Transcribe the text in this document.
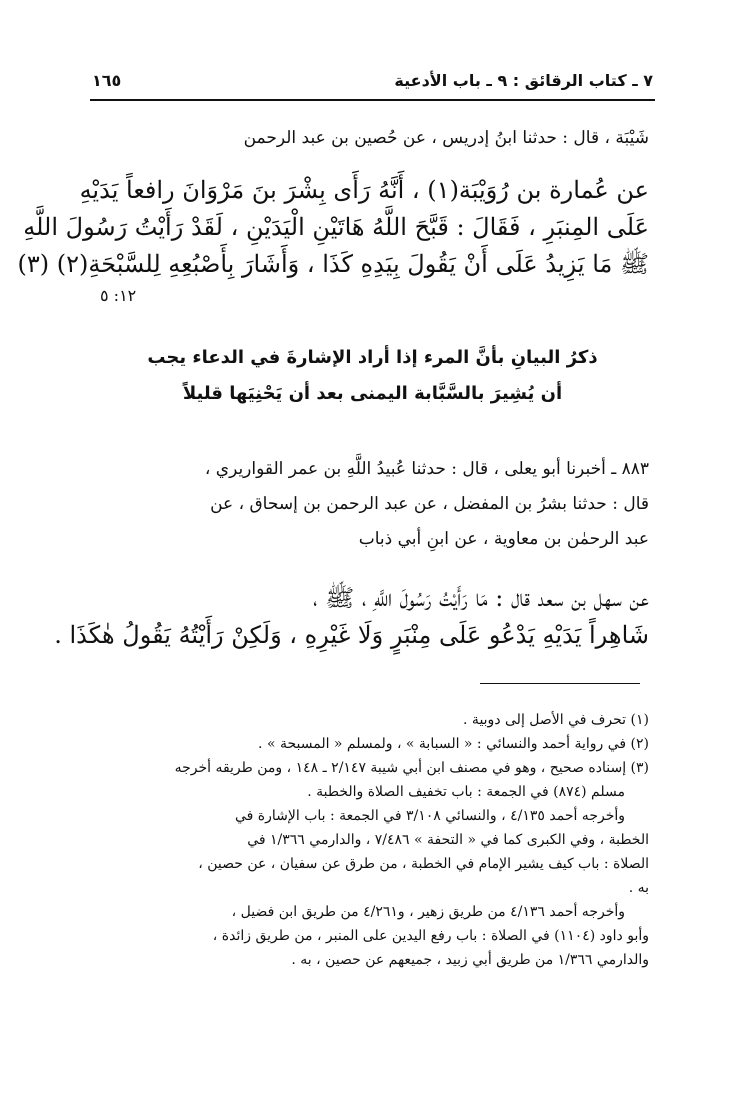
٧ ـ كتاب الرقائق : ٩ ـ باب الأدعية
١٦٥
شَيْبَة ، قال : حدثنا ابنُ إدريس ، عن حُصين بن عبد الرحمن
عن عُمارة بن رُوَيْبَة(١) ، أَنَّهُ رَأَى بِشْرَ بنَ مَرْوَانَ رافعاً يَدَيْهِ
عَلَى المِنبَرِ ، فَقَالَ : قَبَّحَ اللَّهُ هَاتَيْنِ الْيَدَيْنِ ، لَقَدْ رَأَيْتُ رَسُولَ اللَّهِ
ﷺ مَا يَزِيدُ عَلَى أَنْ يَقُولَ بِيَدِهِ كَذَا ، وَأَشَارَ بِأَصْبُعِهِ لِلسَّبْحَةِ(٢) (٣)
١٢: ٥
ذكرُ البيانِ بأنَّ المرء إذا أراد الإشارةَ في الدعاء يجب
أن يُشِيرَ بالسَّبَّابة اليمنى بعد أن يَحْنِيَها قليلاً
٨٨٣ ـ أخبرنا أبو يعلى ، قال : حدثنا عُبيدُ اللَّهِ بن عمر القواريري ،
قال : حدثنا بشرُ بن المفضل ، عن عبد الرحمن بن إسحاق ، عن
عبد الرحمٰن بن معاوية ، عن ابنِ أبي ذباب
عن سهل بن سعد قال : مَا رَأَيْتُ رَسُولَ اللَّهِ ، ﷺ ،
شَاهِراً يَدَيْهِ يَدْعُو عَلَى مِنْبَرٍ وَلَا غَيْرِهِ ، وَلَكِنْ رَأَيْتُهُ يَقُولُ هٰكَذَا .
(١) تحرف في الأصل إلى دوبية .
(٢) في رواية أحمد والنسائي : « السبابة » ، ولمسلم « المسبحة » .
(٣) إسناده صحيح ، وهو في مصنف ابن أبي شيبة ٢/١٤٧ ـ ١٤٨ ، ومن طريقه أخرجه
مسلم (٨٧٤) في الجمعة : باب تخفيف الصلاة والخطبة .
وأخرجه أحمد ٤/١٣٥ ، والنسائي ٣/١٠٨ في الجمعة : باب الإشارة في
الخطبة ، وفي الكبرى كما في « التحفة » ٧/٤٨٦ ، والدارمي ١/٣٦٦ في
الصلاة : باب كيف يشير الإمام في الخطبة ، من طرق عن سفيان ، عن حصين ،
به .
وأخرجه أحمد ٤/١٣٦ من طريق زهير ، و٤/٢٦١ من طريق ابن فضيل ،
وأبو داود (١١٠٤) في الصلاة : باب رفع اليدين على المنبر ، من طريق زائدة ،
والدارمي ١/٣٦٦ من طريق أبي زبيد ، جميعهم عن حصين ، به .
